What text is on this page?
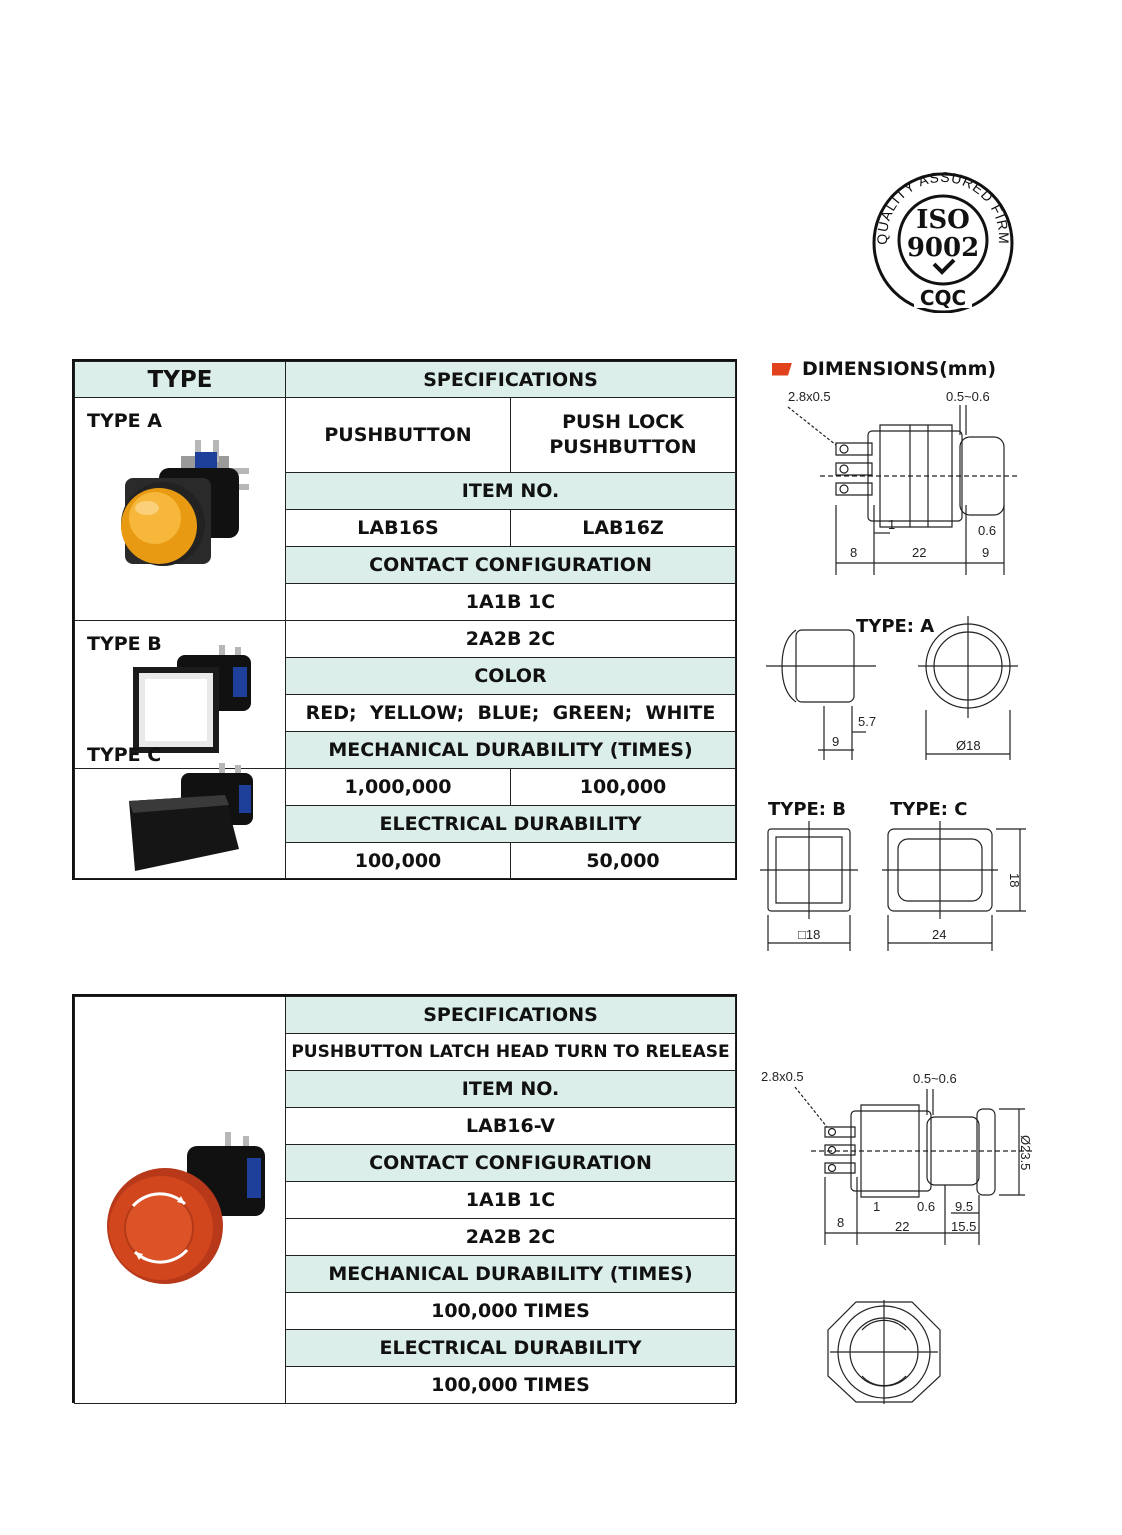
QUALITY ASSURED FIRM
ISO
9002
CQC
TYPE	SPECIFICATIONS	

TYPE A	PUSHBUTTON	PUSH LOCK
PUSHBUTTON

	ITEM NO.	
	LAB16S	LAB16Z
	CONTACT CONFIGURATION	
	1A1B 1C	

TYPE B	2A2B 2C	
	COLOR	
	RED;  YELLOW;  BLUE;  GREEN;  WHITE	
	MECHANICAL DURABILITY (TIMES)	

TYPE C	1,000,000	100,000
	ELECTRICAL DURABILITY	
	100,000	50,000
	SPECIFICATIONS
PUSHBUTTON LATCH HEAD TURN TO RELEASE
ITEM NO.
LAB16-V
CONTACT CONFIGURATION
1A1B 1C
2A2B 2C
MECHANICAL DURABILITY (TIMES)
100,000 TIMES
ELECTRICAL DURABILITY
100,000 TIMES
DIMENSIONS(mm)
2.8x0.5	0.5~0.6
8
1
22
0.6
9
TYPE: A
5.7
9	Ø18
TYPE: B TYPE: C
□18	24
18
2.8x0.5	0.5~0.6
8
1
22
0.6 9.5
15.5
Ø23.5
